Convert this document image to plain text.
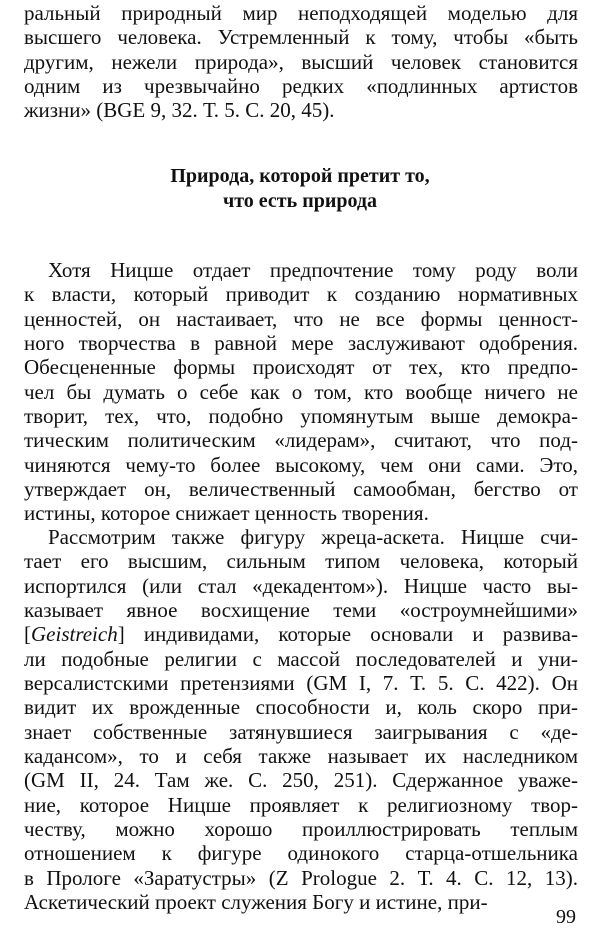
ральный природный мир неподходящей моделью для
высшего человека. Устремленный к тому, чтобы «быть
другим, нежели природа», высший человек становится
одним из чрезвычайно редких «подлинных артистов
жизни» (BGE 9, 32. Т. 5. С. 20, 45).
Природа, которой претит то,
что есть природа
Хотя Ницше отдает предпочтение тому роду воли
к власти, который приводит к созданию нормативных
ценностей, он настаивает, что не все формы ценност-
ного творчества в равной мере заслуживают одобрения.
Обесцененные формы происходят от тех, кто предпо-
чел бы думать о себе как о том, кто вообще ничего не
творит, тех, что, подобно упомянутым выше демокра-
тическим политическим «лидерам», считают, что под-
чиняются чему-то более высокому, чем они сами. Это,
утверждает он, величественный самообман, бегство от
истины, которое снижает ценность творения.
Рассмотрим также фигуру жреца-аскета. Ницше счи-
тает его высшим, сильным типом человека, который
испортился (или стал «декадентом»). Ницше часто вы-
казывает явное восхищение теми «остроумнейшими»
[Geistreich] индивидами, которые основали и развива-
ли подобные религии с массой последователей и уни-
версалистскими претензиями (GM I, 7. Т. 5. С. 422). Он
видит их врожденные способности и, коль скоро при-
знает собственные затянувшиеся заигрывания с «де-
кадансом», то и себя также называет их наследником
(GM II, 24. Там же. С. 250, 251). Сдержанное уваже-
ние, которое Ницше проявляет к религиозному твор-
честву, можно хорошо проиллюстрировать теплым
отношением к фигуре одинокого старца-отшельника
в Прологе «Заратустры» (Z Prologue 2. Т. 4. С. 12, 13).
Аскетический проект служения Богу и истине, при-
99
